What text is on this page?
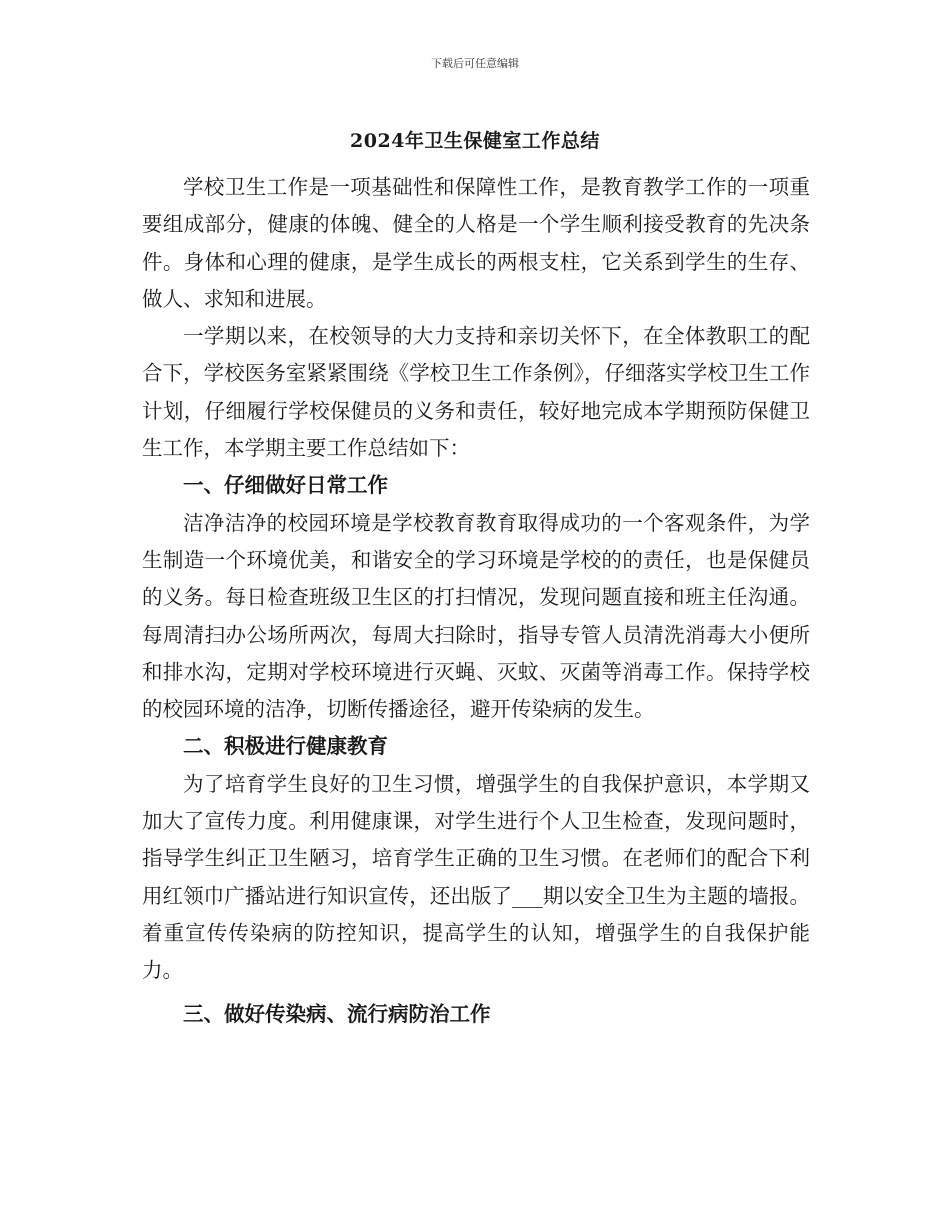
下载后可任意编辑
2024年卫生保健室工作总结

学校卫生工作是一项基础性和保障性工作，是教育教学工作的一项重要组成部分，健康的体魄、健全的人格是一个学生顺利接受教育的先决条件。身体和心理的健康，是学生成长的两根支柱，它关系到学生的生存、做人、求知和进展。

一学期以来，在校领导的大力支持和亲切关怀下，在全体教职工的配合下，学校医务室紧紧围绕《学校卫生工作条例》，仔细落实学校卫生工作计划，仔细履行学校保健员的义务和责任，较好地完成本学期预防保健卫生工作，本学期主要工作总结如下：

一、仔细做好日常工作

洁净洁净的校园环境是学校教育教育取得成功的一个客观条件，为学生制造一个环境优美，和谐安全的学习环境是学校的的责任，也是保健员的义务。每日检查班级卫生区的打扫情况，发现问题直接和班主任沟通。每周清扫办公场所两次，每周大扫除时，指导专管人员清洗消毒大小便所和排水沟，定期对学校环境进行灭蝇、灭蚊、灭菌等消毒工作。保持学校的校园环境的洁净，切断传播途径，避开传染病的发生。

二、积极进行健康教育

为了培育学生良好的卫生习惯，增强学生的自我保护意识，本学期又加大了宣传力度。利用健康课，对学生进行个人卫生检查，发现问题时，指导学生纠正卫生陋习，培育学生正确的卫生习惯。在老师们的配合下利用红领巾广播站进行知识宣传，还出版了___期以安全卫生为主题的墙报。着重宣传传染病的防控知识，提高学生的认知，增强学生的自我保护能力。

三、做好传染病、流行病防治工作
